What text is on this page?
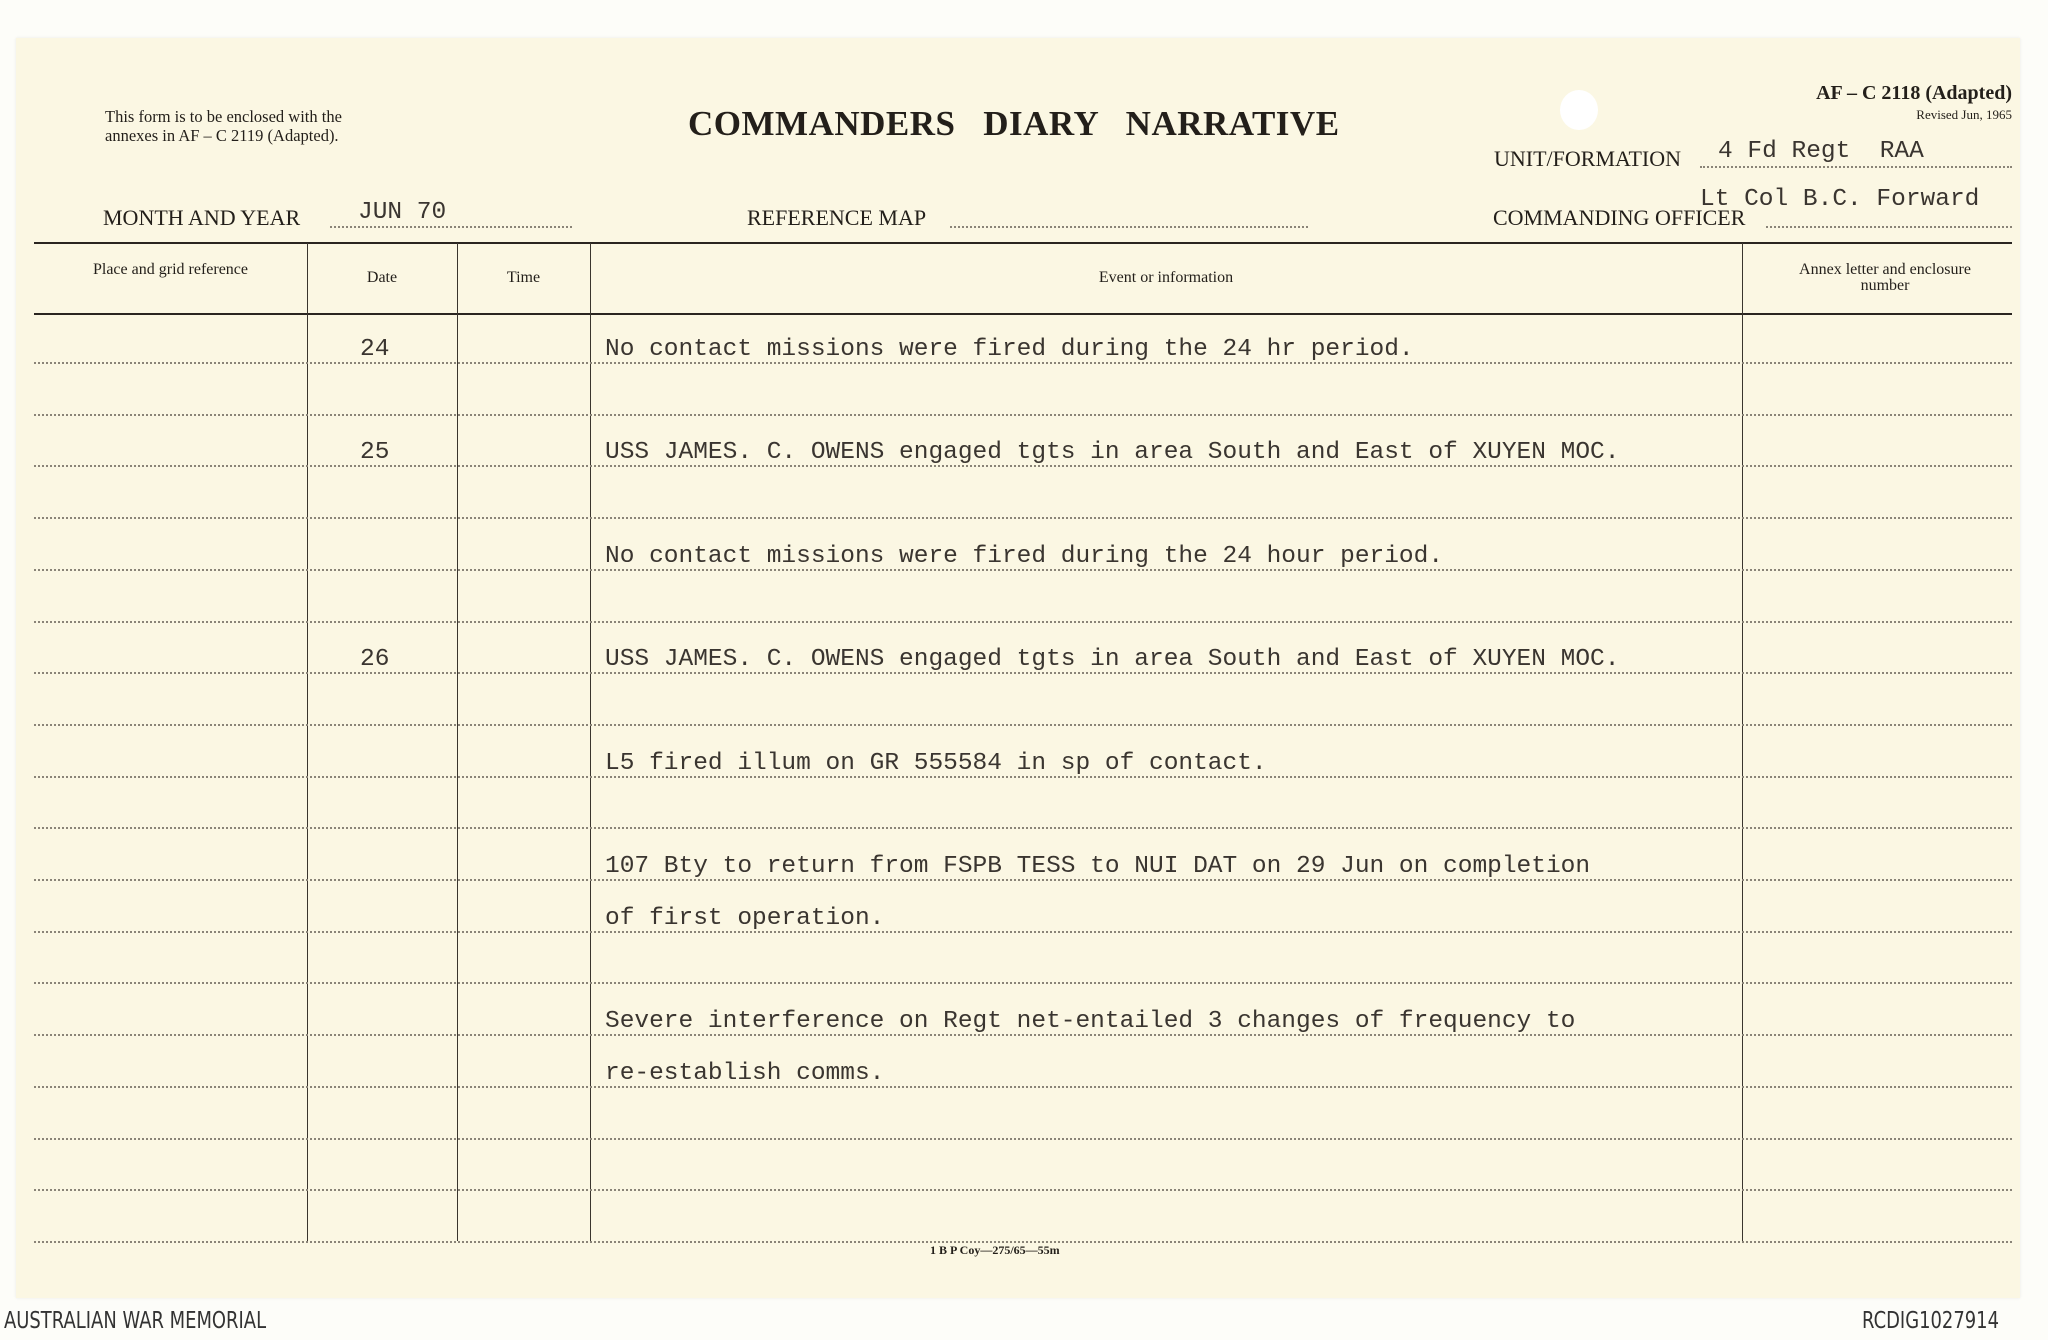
This form is to be enclosed with the
annexes in AF – C 2119 (Adapted).	COMMANDERS   DIARY   NARRATIVE
AF – C 2118 (Adapted)
Revised Jun, 1965
UNIT/FORMATION 4 Fd Regt  RAA
MONTH AND YEAR JUN 70	REFERENCE MAP	COMMANDING OFFICER
Lt Col B.C. Forward
Place and grid reference	Date	Time	Event or information	Annex letter and enclosure number
24	No contact missions were fired during the 24 hr period.
25	USS JAMES. C. OWENS engaged tgts in area South and East of XUYEN MOC.
No contact missions were fired during the 24 hour period.
26	USS JAMES. C. OWENS engaged tgts in area South and East of XUYEN MOC.
L5 fired illum on GR 555584 in sp of contact.
107 Bty to return from FSPB TESS to NUI DAT on 29 Jun on completion
of first operation.
Severe interference on Regt net-entailed 3 changes of frequency to
re-establish comms.
1 B P Coy—275/65—55m
AUSTRALIAN WAR MEMORIAL	RCDIG1027914
